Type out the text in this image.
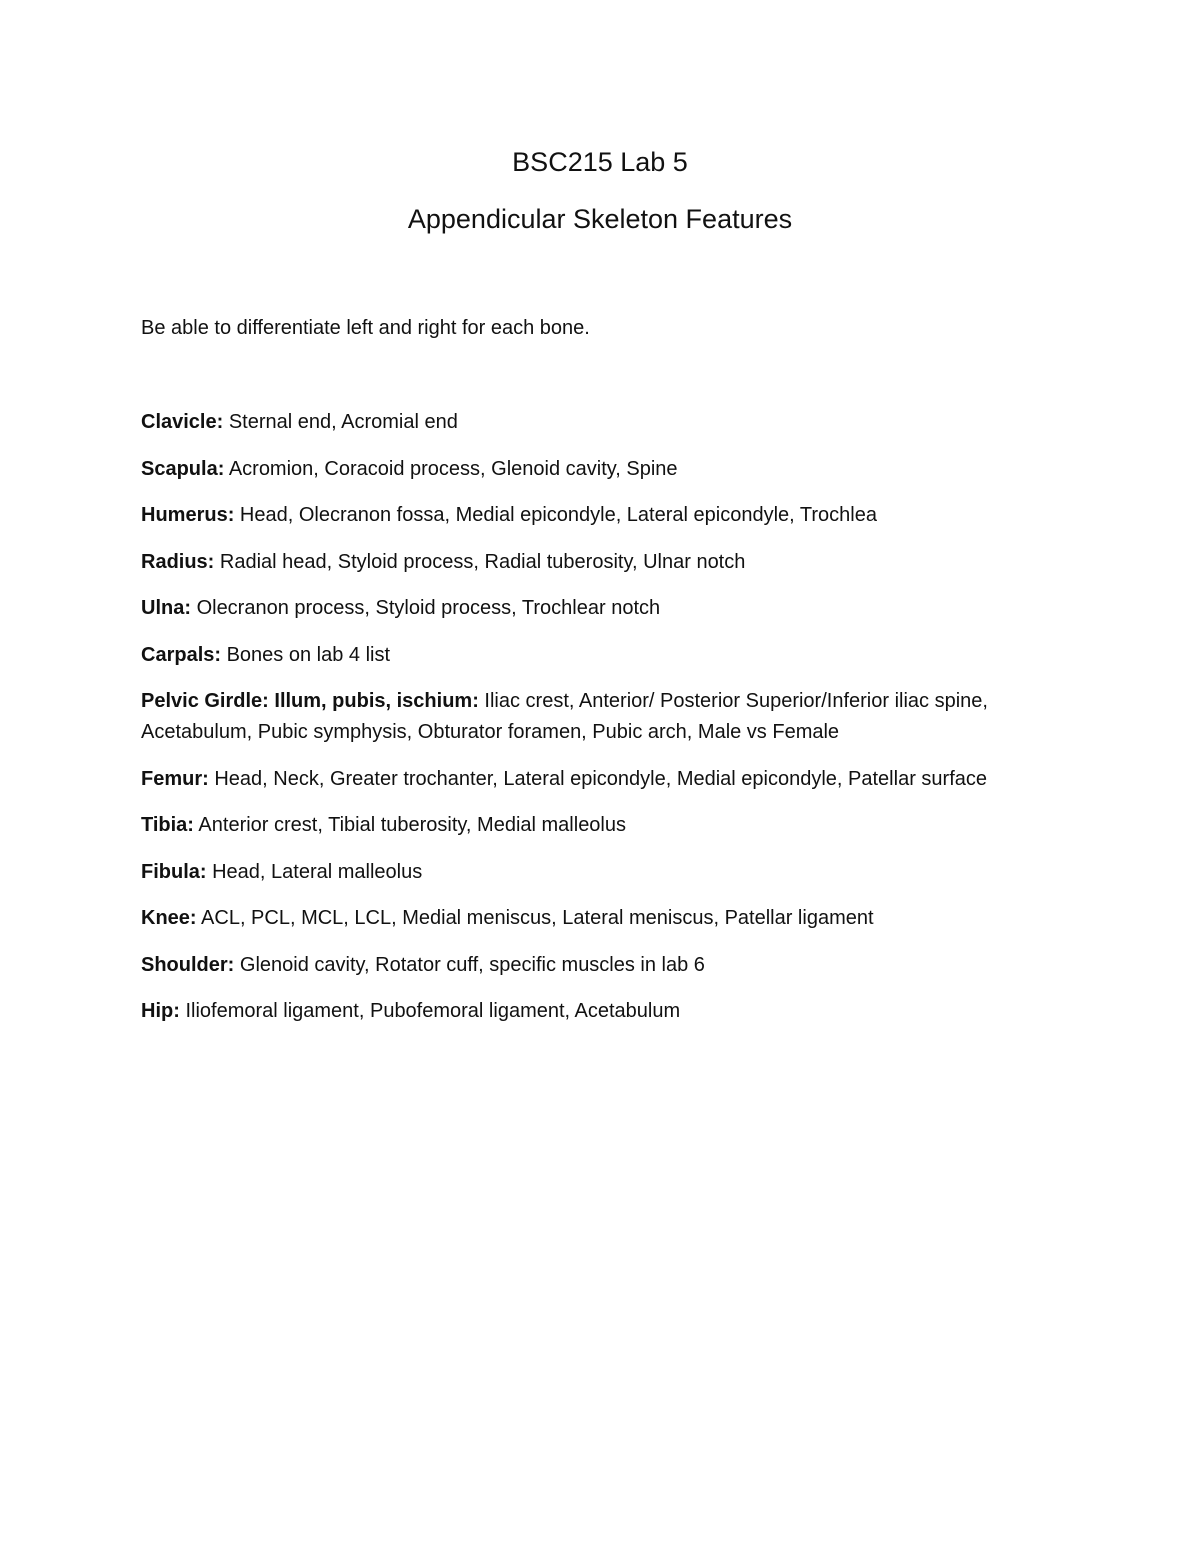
BSC215 Lab 5
Appendicular Skeleton Features
Be able to differentiate left and right for each bone.
Clavicle: Sternal end, Acromial end
Scapula: Acromion, Coracoid process, Glenoid cavity, Spine
Humerus: Head, Olecranon fossa, Medial epicondyle, Lateral epicondyle, Trochlea
Radius: Radial head, Styloid process, Radial tuberosity, Ulnar notch
Ulna: Olecranon process, Styloid process, Trochlear notch
Carpals: Bones on lab 4 list
Pelvic Girdle: Illum, pubis, ischium: Iliac crest, Anterior/ Posterior Superior/Inferior iliac spine, Acetabulum, Pubic symphysis, Obturator foramen, Pubic arch, Male vs Female
Femur: Head, Neck, Greater trochanter, Lateral epicondyle, Medial epicondyle, Patellar surface
Tibia: Anterior crest, Tibial tuberosity, Medial malleolus
Fibula: Head, Lateral malleolus
Knee: ACL, PCL, MCL, LCL, Medial meniscus, Lateral meniscus, Patellar ligament
Shoulder: Glenoid cavity, Rotator cuff, specific muscles in lab 6
Hip: Iliofemoral ligament, Pubofemoral ligament, Acetabulum
